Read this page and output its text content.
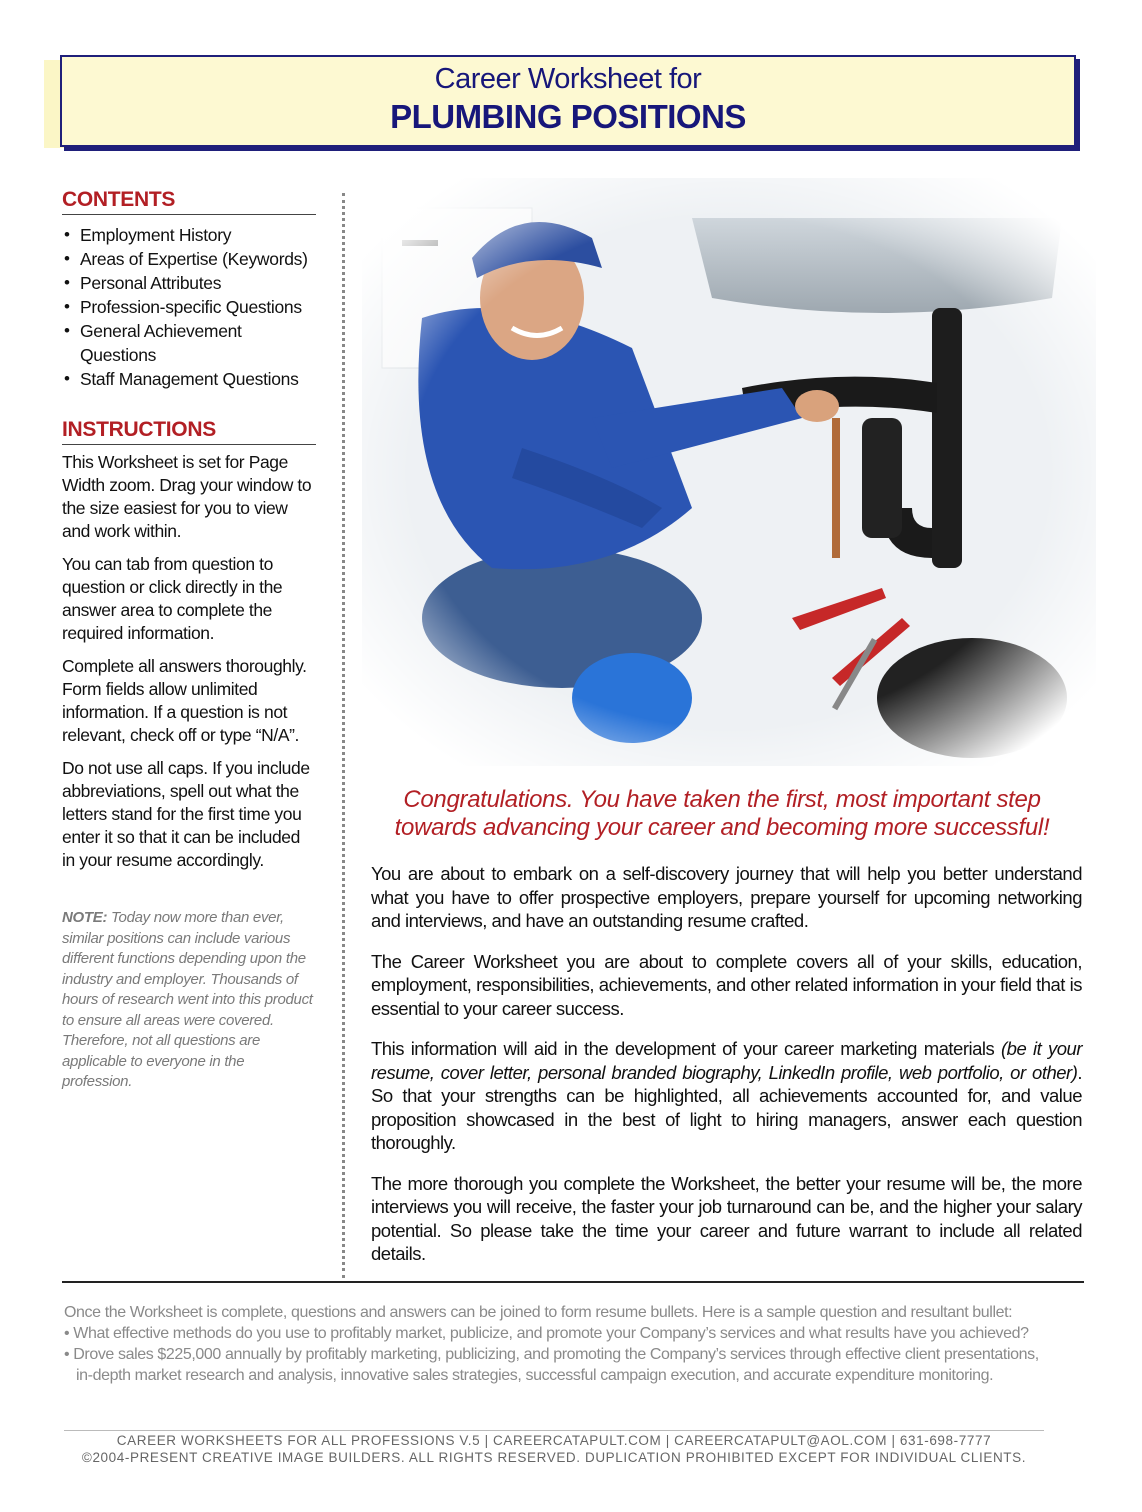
Career Worksheet for
PLUMBING POSITIONS
CONTENTS
• Employment History
• Areas of Expertise (Keywords)
• Personal Attributes
• Profession-specific Questions
• General Achievement Questions
• Staff Management Questions
INSTRUCTIONS

This Worksheet is set for Page Width zoom. Drag your window to the size easiest for you to view and work within.

You can tab from question to question or click directly in the answer area to complete the required information.

Complete all answers thoroughly. Form fields allow unlimited information. If a question is not relevant, check off or type “N/A”.

Do not use all caps. If you include abbreviations, spell out what the letters stand for the first time you enter it so that it can be included in your resume accordingly.

NOTE: Today now more than ever, similar positions can include various different functions depending upon the industry and employer. Thousands of hours of research went into this product to ensure all areas were covered. Therefore, not all questions are applicable to everyone in the profession.
Congratulations. You have taken the first, most important step
towards advancing your career and becoming more successful!

You are about to embark on a self-discovery journey that will help you better understand what you have to offer prospective employers, prepare yourself for upcoming networking and interviews, and have an outstanding resume crafted.

The Career Worksheet you are about to complete covers all of your skills, education, employment, responsibilities, achievements, and other related information in your field that is essential to your career success.

This information will aid in the development of your career marketing materials (be it your resume, cover letter, personal branded biography, LinkedIn profile, web portfolio, or other). So that your strengths can be highlighted, all achievements accounted for, and value proposition showcased in the best of light to hiring managers, answer each question thoroughly.

The more thorough you complete the Worksheet, the better your resume will be, the more interviews you will receive, the faster your job turnaround can be, and the higher your salary potential. So please take the time your career and future warrant to include all related details.

Once the Worksheet is complete, questions and answers can be joined to form resume bullets. Here is a sample question and resultant bullet:
• What effective methods do you use to profitably market, publicize, and promote your Company’s services and what results have you achieved?
• Drove sales $225,000 annually by profitably marketing, publicizing, and promoting the Company’s services through effective client presentations,
in-depth market research and analysis, innovative sales strategies, successful campaign execution, and accurate expenditure monitoring.
CAREER WORKSHEETS FOR ALL PROFESSIONS V.5 | CAREERCATAPULT.COM | CAREERCATAPULT@AOL.COM | 631-698-7777
©2004-PRESENT CREATIVE IMAGE BUILDERS. ALL RIGHTS RESERVED. DUPLICATION PROHIBITED EXCEPT FOR INDIVIDUAL CLIENTS.
